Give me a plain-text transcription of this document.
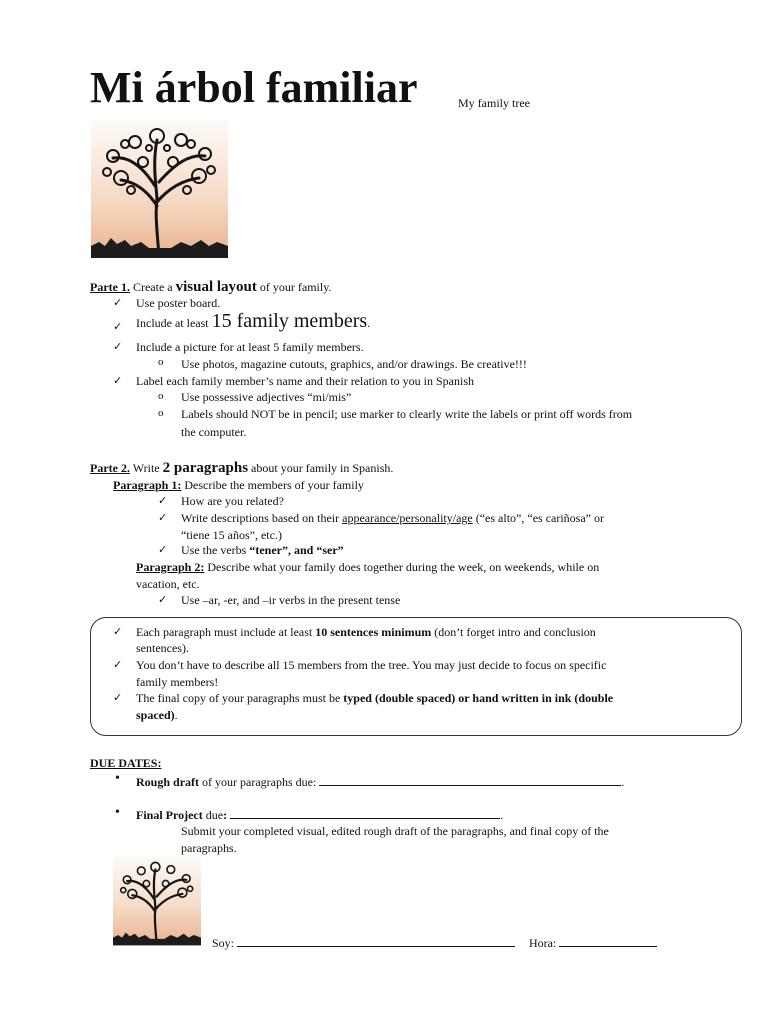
Mi árbol familiar	My family tree
Parte 1. Create a visual layout of your family.
✓ Use poster board.
✓ Include at least 15 family members.
✓ Include a picture for at least 5 family members.
o Use photos, magazine cutouts, graphics, and/or drawings. Be creative!!!
✓ Label each family member’s name and their relation to you in Spanish
o Use possessive adjectives “mi/mis”
o Labels should NOT be in pencil; use marker to clearly write the labels or print off words from
the computer.
Parte 2. Write 2 paragraphs about your family in Spanish.
Paragraph 1: Describe the members of your family
✓ How are you related?
✓ Write descriptions based on their appearance/personality/age (“es alto”, “es cariñosa” or
“tiene 15 años”, etc.)
✓ Use the verbs “tener”, and “ser”
Paragraph 2: Describe what your family does together during the week, on weekends, while on
vacation, etc.
✓ Use –ar, -er, and –ir verbs in the present tense
✓ Each paragraph must include at least 10 sentences minimum (don’t forget intro and conclusion
sentences).
✓ You don’t have to describe all 15 members from the tree. You may just decide to focus on specific
family members!
✓ The final copy of your paragraphs must be typed (double spaced) or hand written in ink (double
spaced).
DUE DATES:
• Rough draft of your paragraphs due:	.
• Final Project due:	.
Submit your completed visual, edited rough draft of the paragraphs, and final copy of the
paragraphs.
Soy:	Hora:
